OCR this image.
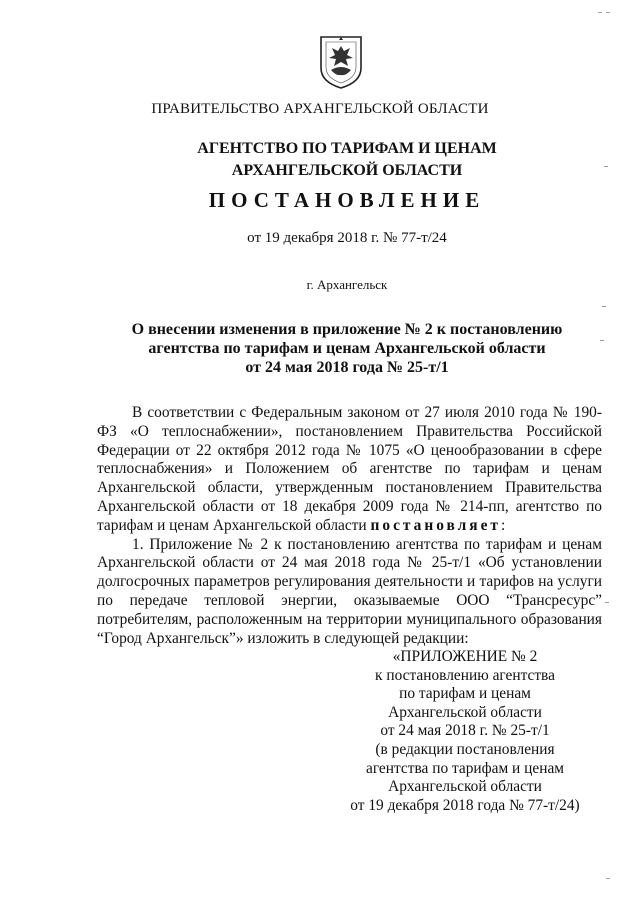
ПРАВИТЕЛЬСТВО АРХАНГЕЛЬСКОЙ ОБЛАСТИ
АГЕНТСТВО ПО ТАРИФАМ И ЦЕНАМ
АРХАНГЕЛЬСКОЙ ОБЛАСТИ
ПОСТАНОВЛЕНИЕ
от 19 декабря 2018 г. № 77-т/24
г. Архангельск
О внесении изменения в приложение № 2 к постановлению
агентства по тарифам и ценам Архангельской области
от 24 мая 2018 года № 25-т/1

В соответствии с Федеральным законом от 27 июля 2010 года № 190-ФЗ «О теплоснабжении», постановлением Правительства Российской Федерации от 22 октября 2012 года № 1075 «О ценообразовании в сфере теплоснабжения» и Положением об агентстве по тарифам и ценам Архангельской области, утвержденным постановлением Правительства Архангельской области от 18 декабря 2009 года № 214-пп, агентство по тарифам и ценам Архангельской области постановляет:

1. Приложение № 2 к постановлению агентства по тарифам и ценам Архангельской области от 24 мая 2018 года № 25-т/1 «Об установлении долгосрочных параметров регулирования деятельности и тарифов на услуги по передаче тепловой энергии, оказываемые ООО “Трансресурс” потребителям, расположенным на территории муниципального образования “Город Архангельск”» изложить в следующей редакции:

«ПРИЛОЖЕНИЕ № 2
к постановлению агентства
по тарифам и ценам
Архангельской области
от 24 мая 2018 г. № 25-т/1
(в редакции постановления
агентства по тарифам и ценам
Архангельской области
от 19 декабря 2018 года № 77-т/24)
